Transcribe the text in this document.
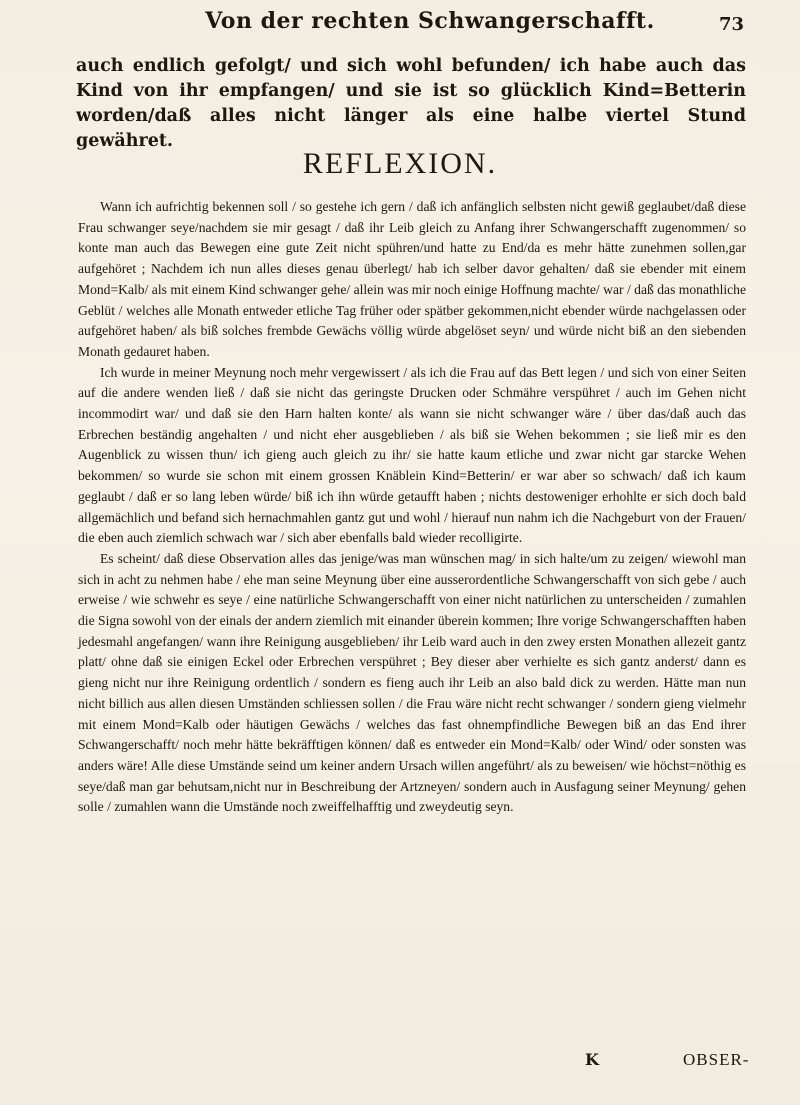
Von der rechten Schwangerschafft.	73
auch endlich gefolgt/ und sich wohl befunden/ ich habe auch das Kind von ihr empfangen/ und sie ist so glücklich Kind=Betterin worden/daß alles nicht länger als eine halbe viertel Stund gewähret.
REFLEXION.

Wann ich aufrichtig bekennen soll / so gestehe ich gern / daß ich anfänglich selbsten nicht gewiß geglaubet/daß diese Frau schwanger seye/nachdem sie mir gesagt / daß ihr Leib gleich zu Anfang ihrer Schwangerschafft zugenommen/ so konte man auch das Bewegen eine gute Zeit nicht spühren/und hatte zu End/da es mehr hätte zunehmen sollen,gar aufgehöret ; Nachdem ich nun alles dieses genau überlegt/ hab ich selber davor gehalten/ daß sie ebender mit einem Mond=Kalb/ als mit einem Kind schwanger gehe/ allein was mir noch einige Hoffnung machte/ war / daß das monathliche Geblüt / welches alle Monath entweder etliche Tag früher oder spätber gekommen,nicht ebender würde nachgelassen oder aufgehöret haben/ als biß solches frembde Gewächs völlig würde abgelöset seyn/ und würde nicht biß an den siebenden Monath gedauret haben.

Ich wurde in meiner Meynung noch mehr vergewissert / als ich die Frau auf das Bett legen / und sich von einer Seiten auf die andere wenden ließ / daß sie nicht das geringste Drucken oder Schmähre verspühret / auch im Gehen nicht incommodirt war/ und daß sie den Harn halten konte/ als wann sie nicht schwanger wäre / über das/daß auch das Erbrechen beständig angehalten / und nicht eher ausgeblieben / als biß sie Wehen bekommen ; sie ließ mir es den Augenblick zu wissen thun/ ich gieng auch gleich zu ihr/ sie hatte kaum etliche und zwar nicht gar starcke Wehen bekommen/ so wurde sie schon mit einem grossen Knäblein Kind=Betterin/ er war aber so schwach/ daß ich kaum geglaubt / daß er so lang leben würde/ biß ich ihn würde getaufft haben ; nichts destoweniger erhohlte er sich doch bald allgemächlich und befand sich hernachmahlen gantz gut und wohl / hierauf nun nahm ich die Nachgeburt von der Frauen/ die eben auch ziemlich schwach war / sich aber ebenfalls bald wieder recolligirte.

Es scheint/ daß diese Observation alles das jenige/was man wünschen mag/ in sich halte/um zu zeigen/ wiewohl man sich in acht zu nehmen habe / ehe man seine Meynung über eine ausserordentliche Schwangerschafft von sich gebe / auch erweise / wie schwehr es seye / eine natürliche Schwangerschafft von einer nicht natürlichen zu unterscheiden / zumahlen die Signa sowohl von der einals der andern ziemlich mit einander überein kommen; Ihre vorige Schwangerschafften haben jedesmahl angefangen/ wann ihre Reinigung ausgeblieben/ ihr Leib ward auch in den zwey ersten Monathen allezeit gantz platt/ ohne daß sie einigen Eckel oder Erbrechen verspühret ; Bey dieser aber verhielte es sich gantz anderst/ dann es gieng nicht nur ihre Reinigung ordentlich / sondern es fieng auch ihr Leib an also bald dick zu werden. Hätte man nun nicht billich aus allen diesen Umständen schliessen sollen / die Frau wäre nicht recht schwanger / sondern gieng vielmehr mit einem Mond=Kalb oder häutigen Gewächs / welches das fast ohnempfindliche Bewegen biß an das End ihrer Schwangerschafft/ noch mehr hätte bekräfftigen können/ daß es entweder ein Mond=Kalb/ oder Wind/ oder sonsten was anders wäre! Alle diese Umstände seind um keiner andern Ursach willen angeführt/ als zu beweisen/ wie höchst=nöthig es seye/daß man gar behutsam,nicht nur in Beschreibung der Artzneyen/ sondern auch in Ausfagung seiner Meynung/ gehen solle / zumahlen wann die Umstände noch zweiffelhafftig und zweydeutig seyn.

K	OBSER-
